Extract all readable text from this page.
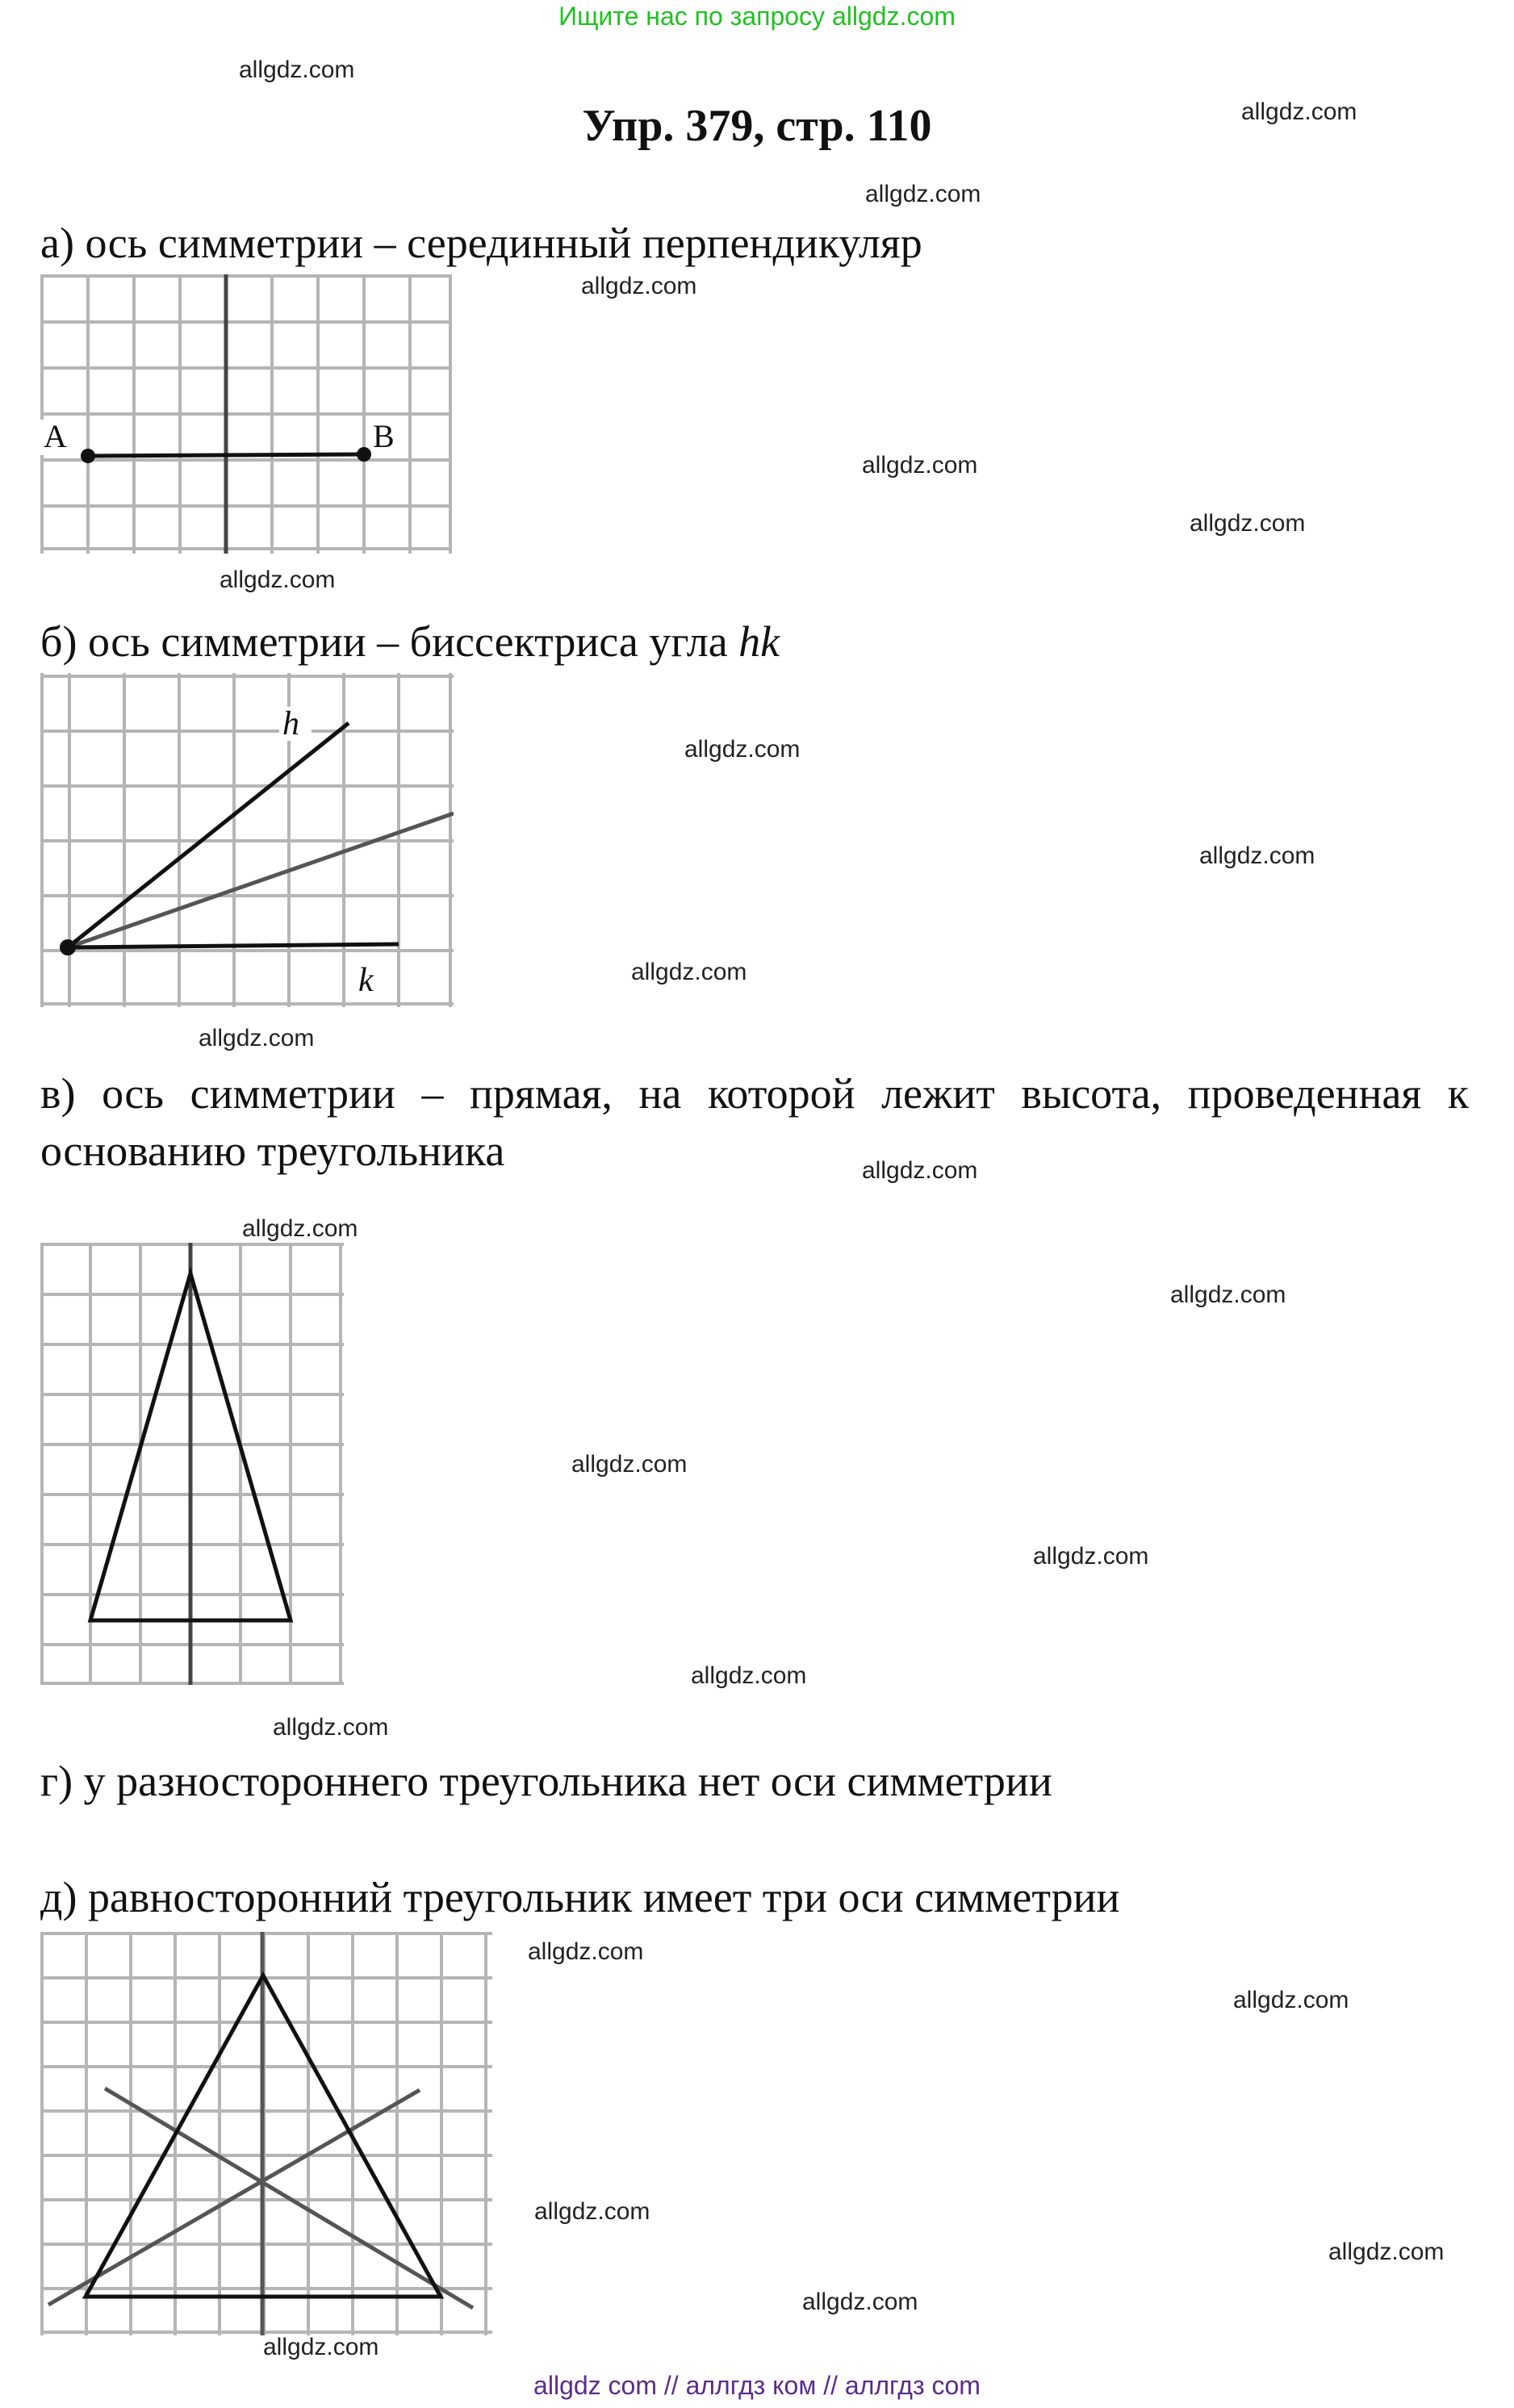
Ищите нас по запросу allgdz.com
allgdz.com
allgdz.com
Упр. 379, стр. 110
allgdz.com
а) ось симметрии – серединный перпендикуляр
allgdz.com
A	B
allgdz.com
allgdz.com
allgdz.com
б) ось симметрии – биссектриса угла hk
h
k
allgdz.com
allgdz.com
allgdz.com
allgdz.com
в) ось симметрии – прямая, на которой лежит высота, проведенная к
основанию треугольника	allgdz.com
allgdz.com
allgdz.com
allgdz.com
allgdz.com
allgdz.com
allgdz.com
г) у разностороннего треугольника нет оси симметрии
д) равносторонний треугольник имеет три оси симметрии
allgdz.com
allgdz.com
allgdz.com
allgdz.com
allgdz.com
allgdz.com
allgdz com // аллгдз ком // аллгдз com
